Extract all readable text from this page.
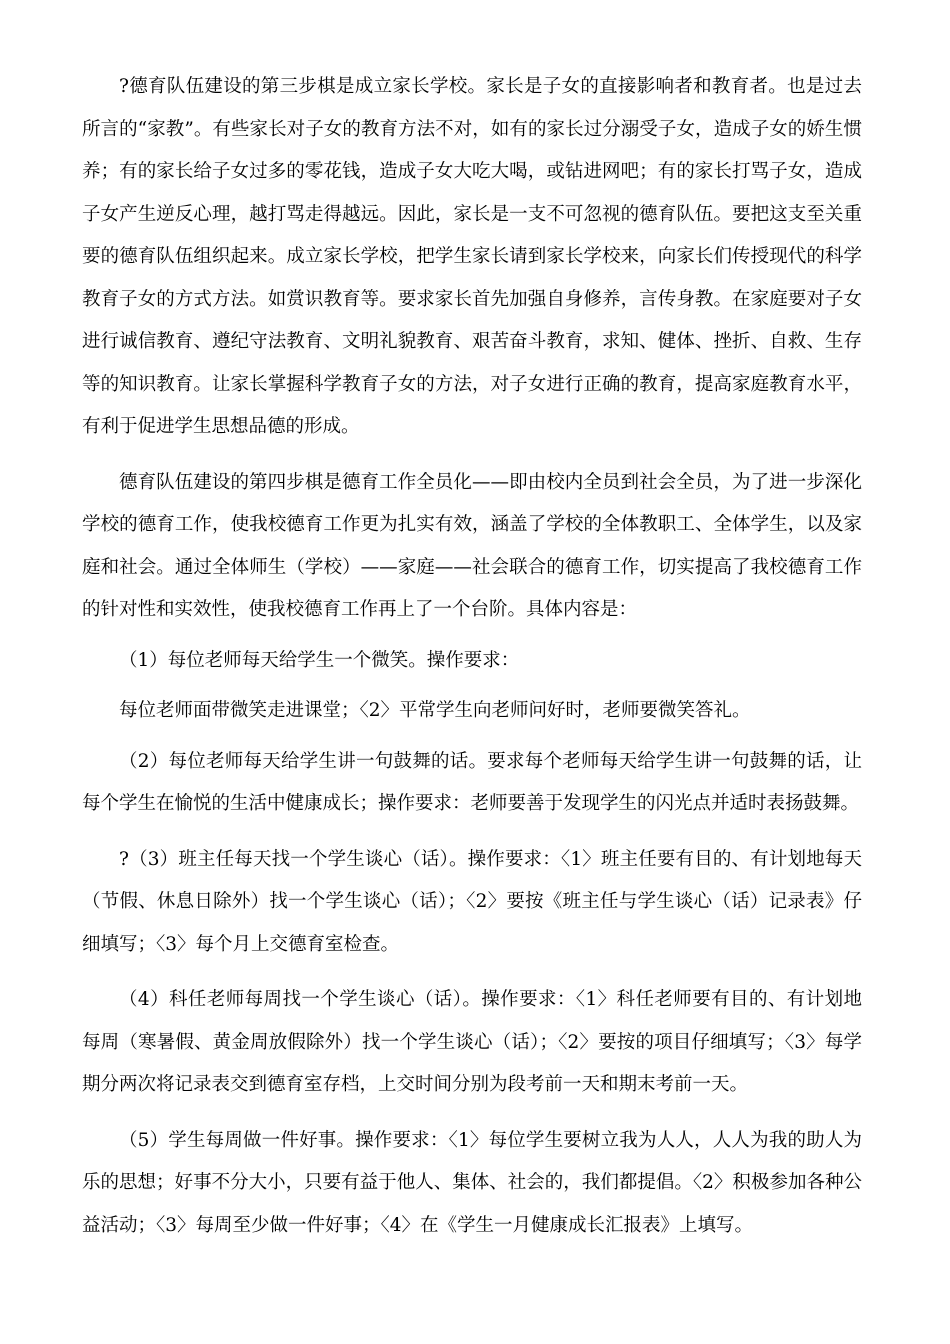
?德育队伍建设的第三步棋是成立家长学校。家长是子女的直接影响者和教育者。也是过去所言的“家教”。有些家长对子女的教育方法不对，如有的家长过分溺受子女，造成子女的娇生惯养；有的家长给子女过多的零花钱，造成子女大吃大喝，或钻进网吧；有的家长打骂子女，造成子女产生逆反心理，越打骂走得越远。因此，家长是一支不可忽视的德育队伍。要把这支至关重要的德育队伍组织起来。成立家长学校，把学生家长请到家长学校来，向家长们传授现代的科学教育子女的方式方法。如赏识教育等。要求家长首先加强自身修养，言传身教。在家庭要对子女进行诚信教育、遵纪守法教育、文明礼貌教育、艰苦奋斗教育，求知、健体、挫折、自救、生存等的知识教育。让家长掌握科学教育子女的方法，对子女进行正确的教育，提高家庭教育水平，有利于促进学生思想品德的形成。

德育队伍建设的第四步棋是德育工作全员化——即由校内全员到社会全员，为了进一步深化学校的德育工作，使我校德育工作更为扎实有效，涵盖了学校的全体教职工、全体学生，以及家庭和社会。通过全体师生（学校）——家庭——社会联合的德育工作，切实提高了我校德育工作的针对性和实效性，使我校德育工作再上了一个台阶。具体内容是：

（1）每位老师每天给学生一个微笑。操作要求：

每位老师面带微笑走进课堂；〈2〉平常学生向老师问好时，老师要微笑答礼。

（2）每位老师每天给学生讲一句鼓舞的话。要求每个老师每天给学生讲一句鼓舞的话，让每个学生在愉悦的生活中健康成长；操作要求：老师要善于发现学生的闪光点并适时表扬鼓舞。

?（3）班主任每天找一个学生谈心（话）。操作要求：〈1〉班主任要有目的、有计划地每天（节假、休息日除外）找一个学生谈心（话）；〈2〉要按《班主任与学生谈心（话）记录表》仔细填写；〈3〉每个月上交德育室检查。

（4）科任老师每周找一个学生谈心（话）。操作要求：〈1〉科任老师要有目的、有计划地每周（寒暑假、黄金周放假除外）找一个学生谈心（话）；〈2〉要按的项目仔细填写；〈3〉每学期分两次将记录表交到德育室存档，上交时间分别为段考前一天和期末考前一天。

（5）学生每周做一件好事。操作要求：〈1〉每位学生要树立我为人人，人人为我的助人为乐的思想；好事不分大小，只要有益于他人、集体、社会的，我们都提倡。〈2〉积极参加各种公益活动；〈3〉每周至少做一件好事；〈4〉在《学生一月健康成长汇报表》上填写。
